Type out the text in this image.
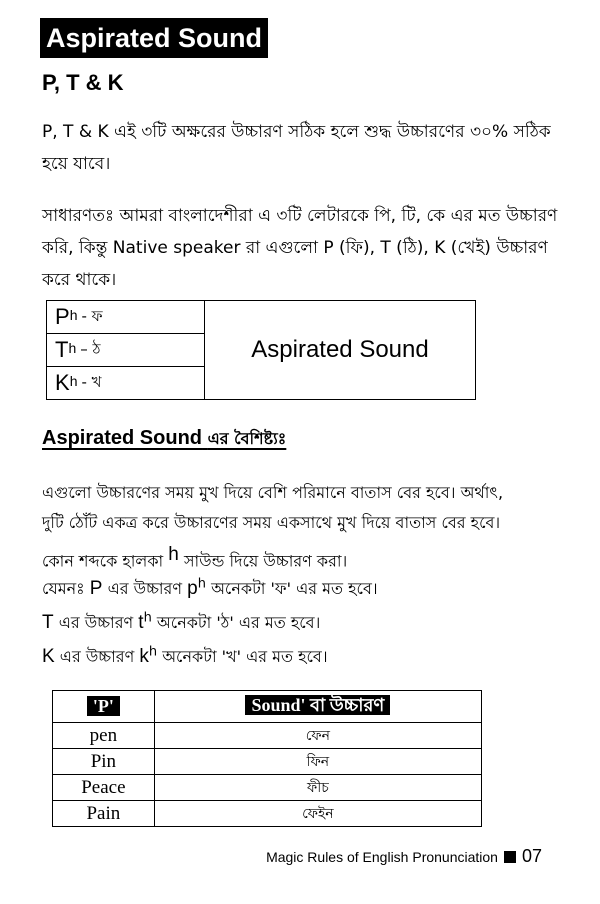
Aspirated Sound
P, T & K
P, T & K এই ৩টি অক্ষরের উচ্চারণ সঠিক হলে শুদ্ধ উচ্চারণের ৩০% সঠিক হয়ে যাবে।
সাধারণতঃ আমরা বাংলাদেশীরা এ ৩টি লেটারকে পি, টি, কে এর মত উচ্চারণ করি, কিন্তু Native speaker রা এগুলো P (ফি), T (ঠি), K (খেই) উচ্চারণ করে থাকে।
$P^h$ - ফ
$T^h$ – ঠ
$K^h$ - খ
Aspirated Sound
Aspirated Sound এর বৈশিষ্ট্যঃ
এগুলো উচ্চারণের সময় মুখ দিয়ে বেশি পরিমানে বাতাস বের হবে। অর্থাৎ,
দুটি ঠোঁট একত্র করে উচ্চারণের সময় একসাথে মুখ দিয়ে বাতাস বের হবে।
কোন শব্দকে হালকা $^h$ সাউন্ড দিয়ে উচ্চারণ করা।
যেমনঃ P এর উচ্চারণ $p^h$ অনেকটা 'ফ' এর মত হবে।
T এর উচ্চারণ $t^h$ অনেকটা 'ঠ' এর মত হবে।
K এর উচ্চারণ $k^h$ অনেকটা 'খ' এর মত হবে।
'P'	Sound' বা উচ্চারণ
pen	ফেন
Pin	ফিন
Peace	ফীচ
Pain	ফেইন
Magic Rules of English Pronunciation 07
